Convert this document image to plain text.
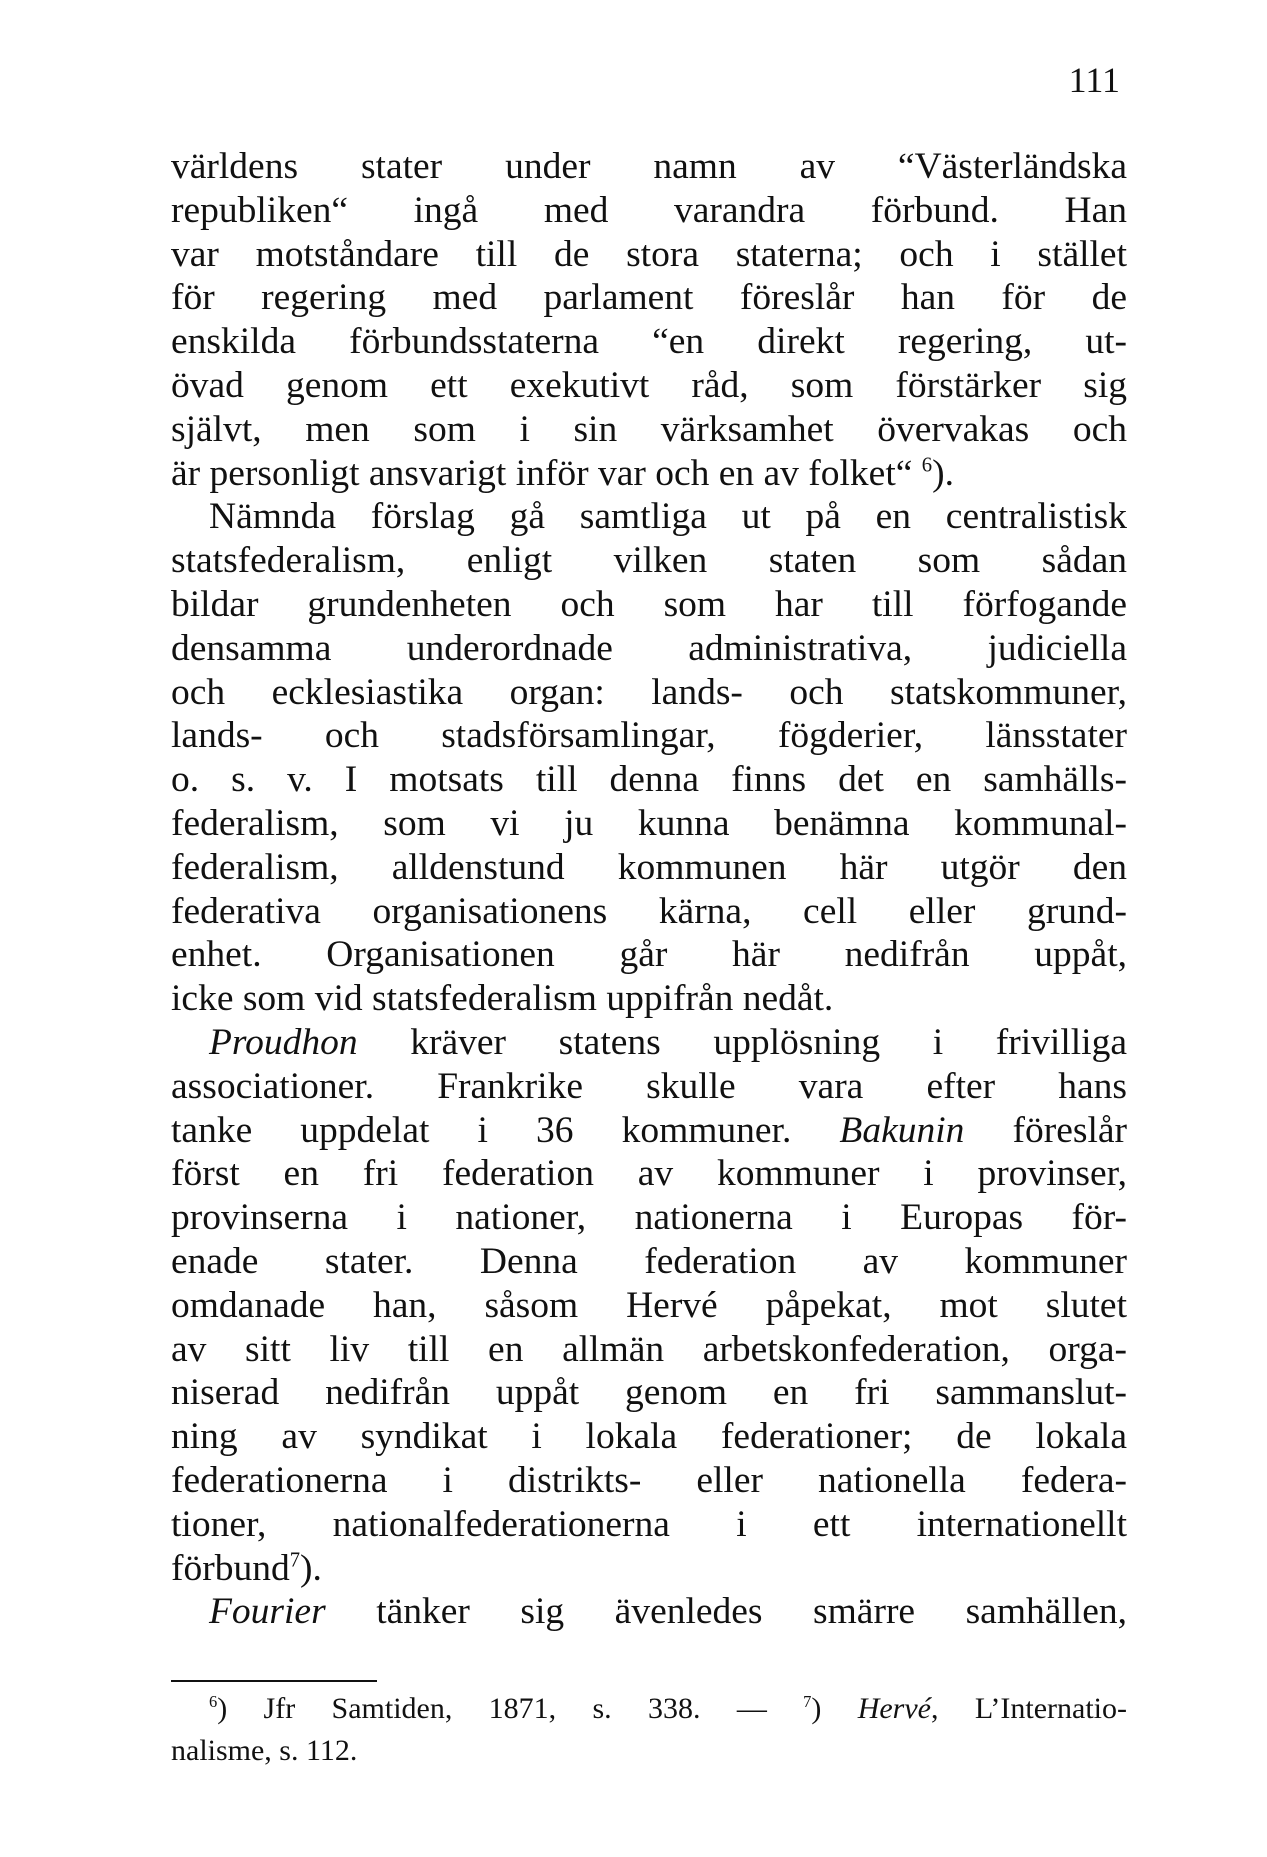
111
världens stater under namn av “Västerländska
republiken“ ingå med varandra förbund. Han
var motståndare till de stora staterna; och i stället
för regering med parlament föreslår han för de
enskilda förbundsstaterna “en direkt regering, ut-
övad genom ett exekutivt råd, som förstärker sig
självt, men som i sin värksamhet övervakas och
är personligt ansvarigt inför var och en av folket“ $^6$).
Nämnda förslag gå samtliga ut på en centralistisk
statsfederalism, enligt vilken staten som sådan
bildar grundenheten och som har till förfogande
densamma underordnade administrativa, judiciella
och ecklesiastika organ: lands- och statskommuner,
lands- och stadsförsamlingar, fögderier, länsstater
o. s. v. I motsats till denna finns det en samhälls-
federalism, som vi ju kunna benämna kommunal-
federalism, alldenstund kommunen här utgör den
federativa organisationens kärna, cell eller grund-
enhet. Organisationen går här nedifrån uppåt,
icke som vid statsfederalism uppifrån nedåt.
Proudhon kräver statens upplösning i frivilliga
associationer. Frankrike skulle vara efter hans
tanke uppdelat i 36 kommuner. Bakunin föreslår
först en fri federation av kommuner i provinser,
provinserna i nationer, nationerna i Europas för-
enade stater. Denna federation av kommuner
omdanade han, såsom Hervé påpekat, mot slutet
av sitt liv till en allmän arbetskonfederation, orga-
niserad nedifrån uppåt genom en fri sammanslut-
ning av syndikat i lokala federationer; de lokala
federationerna i distrikts- eller nationella federa-
tioner, nationalfederationerna i ett internationellt
förbund$^7$).
Fourier tänker sig ävenledes smärre samhällen,
$^6$) Jfr Samtiden, 1871, s. 338. — $^7$) Hervé, L’Internatio-
nalisme, s. 112.
